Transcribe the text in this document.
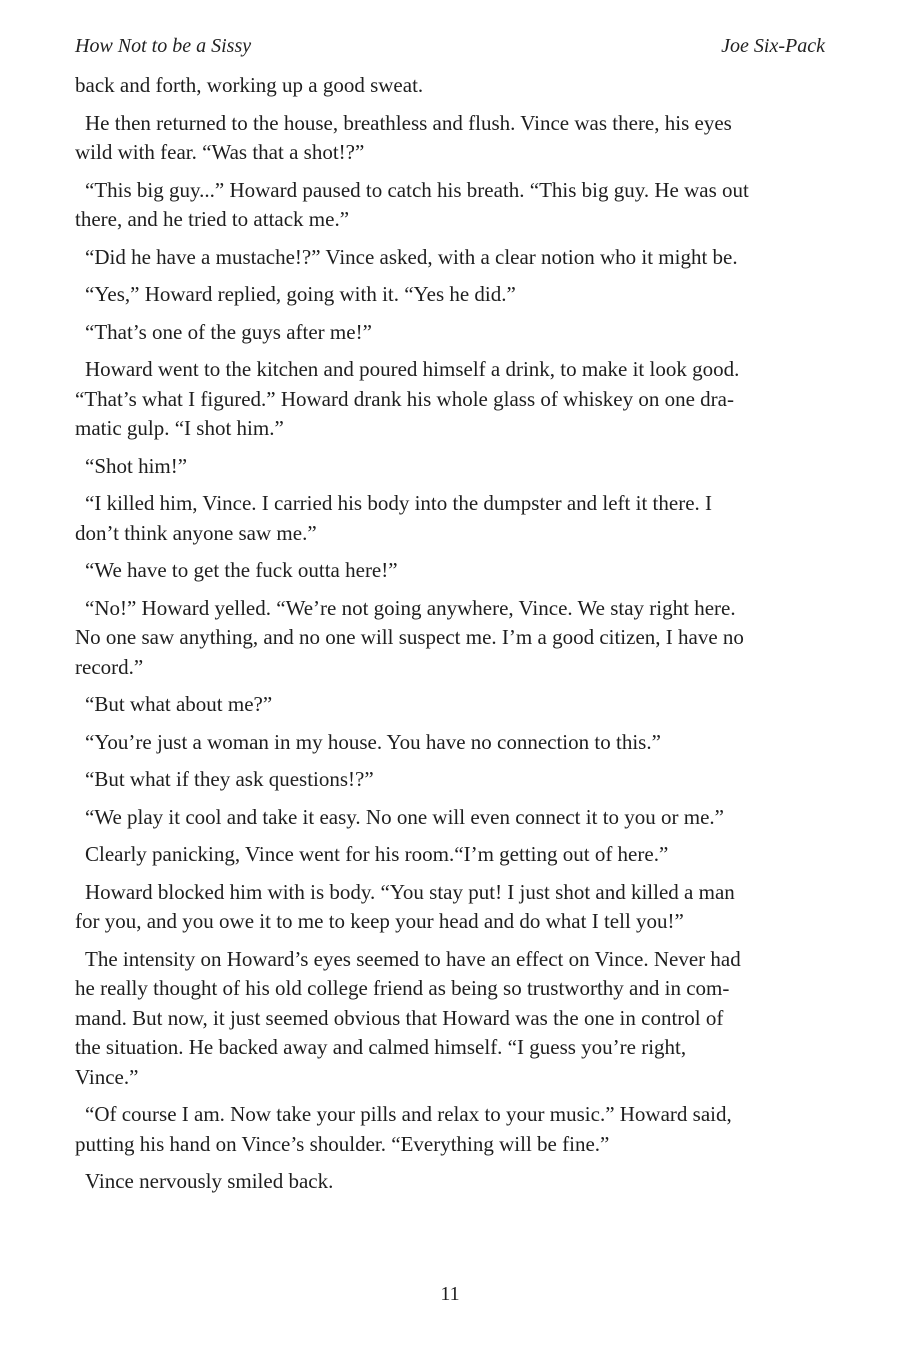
How Not to be a Sissy	Joe Six-Pack
back and forth, working up a good sweat.
He then returned to the house, breathless and flush. Vince was there, his eyes
wild with fear. “Was that a shot!?”
“This big guy...” Howard paused to catch his breath. “This big guy. He was out
there, and he tried to attack me.”
“Did he have a mustache!?” Vince asked, with a clear notion who it might be.
“Yes,” Howard replied, going with it. “Yes he did.”
“That’s one of the guys after me!”
Howard went to the kitchen and poured himself a drink, to make it look good.
“That’s what I figured.” Howard drank his whole glass of whiskey on one dra-
matic gulp. “I shot him.”
“Shot him!”
“I killed him, Vince. I carried his body into the dumpster and left it there. I
don’t think anyone saw me.”
“We have to get the fuck outta here!”
“No!” Howard yelled. “We’re not going anywhere, Vince. We stay right here.
No one saw anything, and no one will suspect me. I’m a good citizen, I have no
record.”
“But what about me?”
“You’re just a woman in my house. You have no connection to this.”
“But what if they ask questions!?”
“We play it cool and take it easy. No one will even connect it to you or me.”
Clearly panicking, Vince went for his room.“I’m getting out of here.”
Howard blocked him with is body. “You stay put! I just shot and killed a man
for you, and you owe it to me to keep your head and do what I tell you!”
The intensity on Howard’s eyes seemed to have an effect on Vince. Never had
he really thought of his old college friend as being so trustworthy and in com-
mand. But now, it just seemed obvious that Howard was the one in control of
the situation. He backed away and calmed himself. “I guess you’re right,
Vince.”
“Of course I am. Now take your pills and relax to your music.” Howard said,
putting his hand on Vince’s shoulder. “Everything will be fine.”
Vince nervously smiled back.
11
